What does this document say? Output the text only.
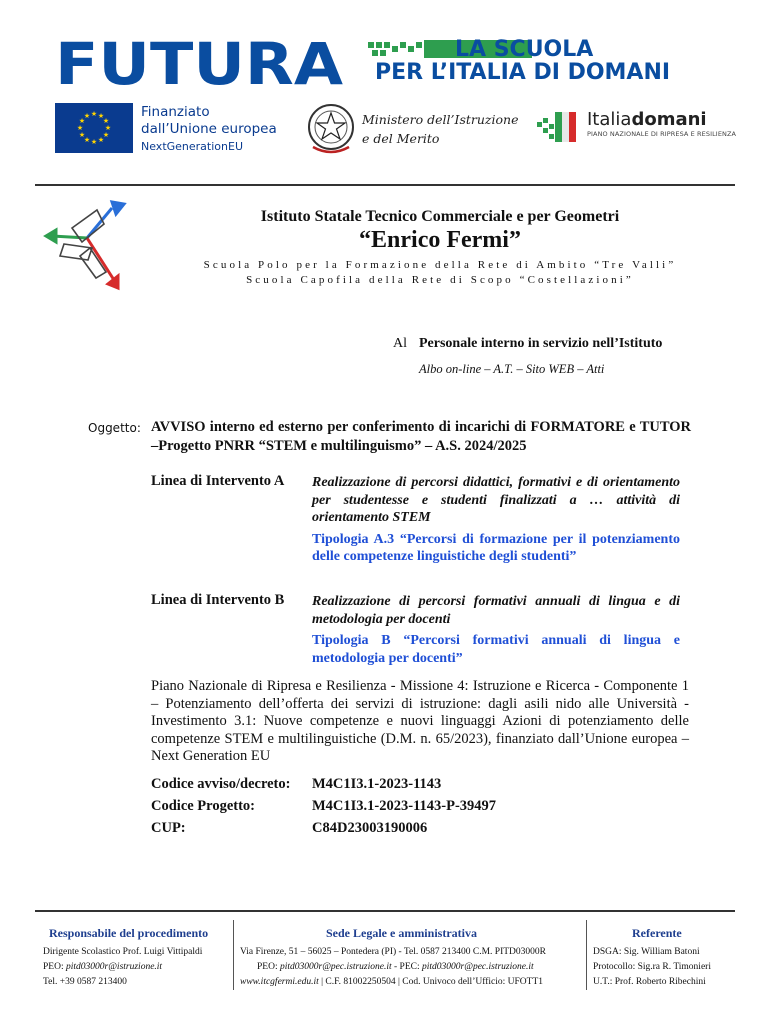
FUTURA	LA SCUOLA
PER L’ITALIA DI DOMANI
★ ★
★
★
★
★
★
★
★
★
★
★	Finanziato
dall’Unione europea
NextGenerationEU
Ministero dell’Istruzione
e del Merito
Italiadomani
PIANO NAZIONALE DI RIPRESA E RESILIENZA
Istituto Statale Tecnico Commerciale e per Geometri
“Enrico Fermi”
Scuola Polo per la Formazione della Rete di Ambito “Tre Valli”
Scuola Capofila della Rete di Scopo “Costellazioni”
Al Personale interno in servizio nell’Istituto
Albo on-line – A.T. – Sito WEB – Atti
Oggetto: AVVISO interno ed esterno per conferimento di incarichi di FORMATORE e TUTOR –Progetto PNRR “STEM e multilinguismo” – A.S. 2024/2025
Linea di Intervento A Realizzazione di percorsi didattici, formativi e di orientamento per studentesse e studenti finalizzati a … attività di orientamento STEM
Tipologia A.3 “Percorsi di formazione per il potenziamento delle competenze linguistiche degli studenti”
Linea di Intervento B Realizzazione di percorsi formativi annuali di lingua e di metodologia per docenti
Tipologia B “Percorsi formativi annuali di lingua e metodologia per docenti”
Piano Nazionale di Ripresa e Resilienza - Missione 4: Istruzione e Ricerca - Componente 1 – Potenziamento dell’offerta dei servizi di istruzione: dagli asili nido alle Università - Investimento 3.1: Nuove competenze e nuovi linguaggi Azioni di potenziamento delle competenze STEM e multilinguistiche (D.M. n. 65/2023), finanziato dall’Unione europea – Next Generation EU
Codice avviso/decreto: M4C1I3.1-2023-1143
Codice Progetto:	M4C1I3.1-2023-1143-P-39497
CUP:	C84D23003190006
Responsabile del procedimento
Dirigente Scolastico Prof. Luigi Vittipaldi
PEO: pitd03000r@istruzione.it
Tel. +39 0587 213400
Sede Legale e amministrativa
Via Firenze, 51 – 56025 – Pontedera (PI) - Tel. 0587 213400 C.M. PITD03000R
PEO: pitd03000r@pec.istruzione.it - PEC: pitd03000r@pec.istruzione.it
www.itcgfermi.edu.it | C.F. 81002250504 | Cod. Univoco dell’Ufficio: UFOTT1
Referente
DSGA: Sig. William Batoni
Protocollo: Sig.ra R. Timonieri
U.T.: Prof. Roberto Ribechini
